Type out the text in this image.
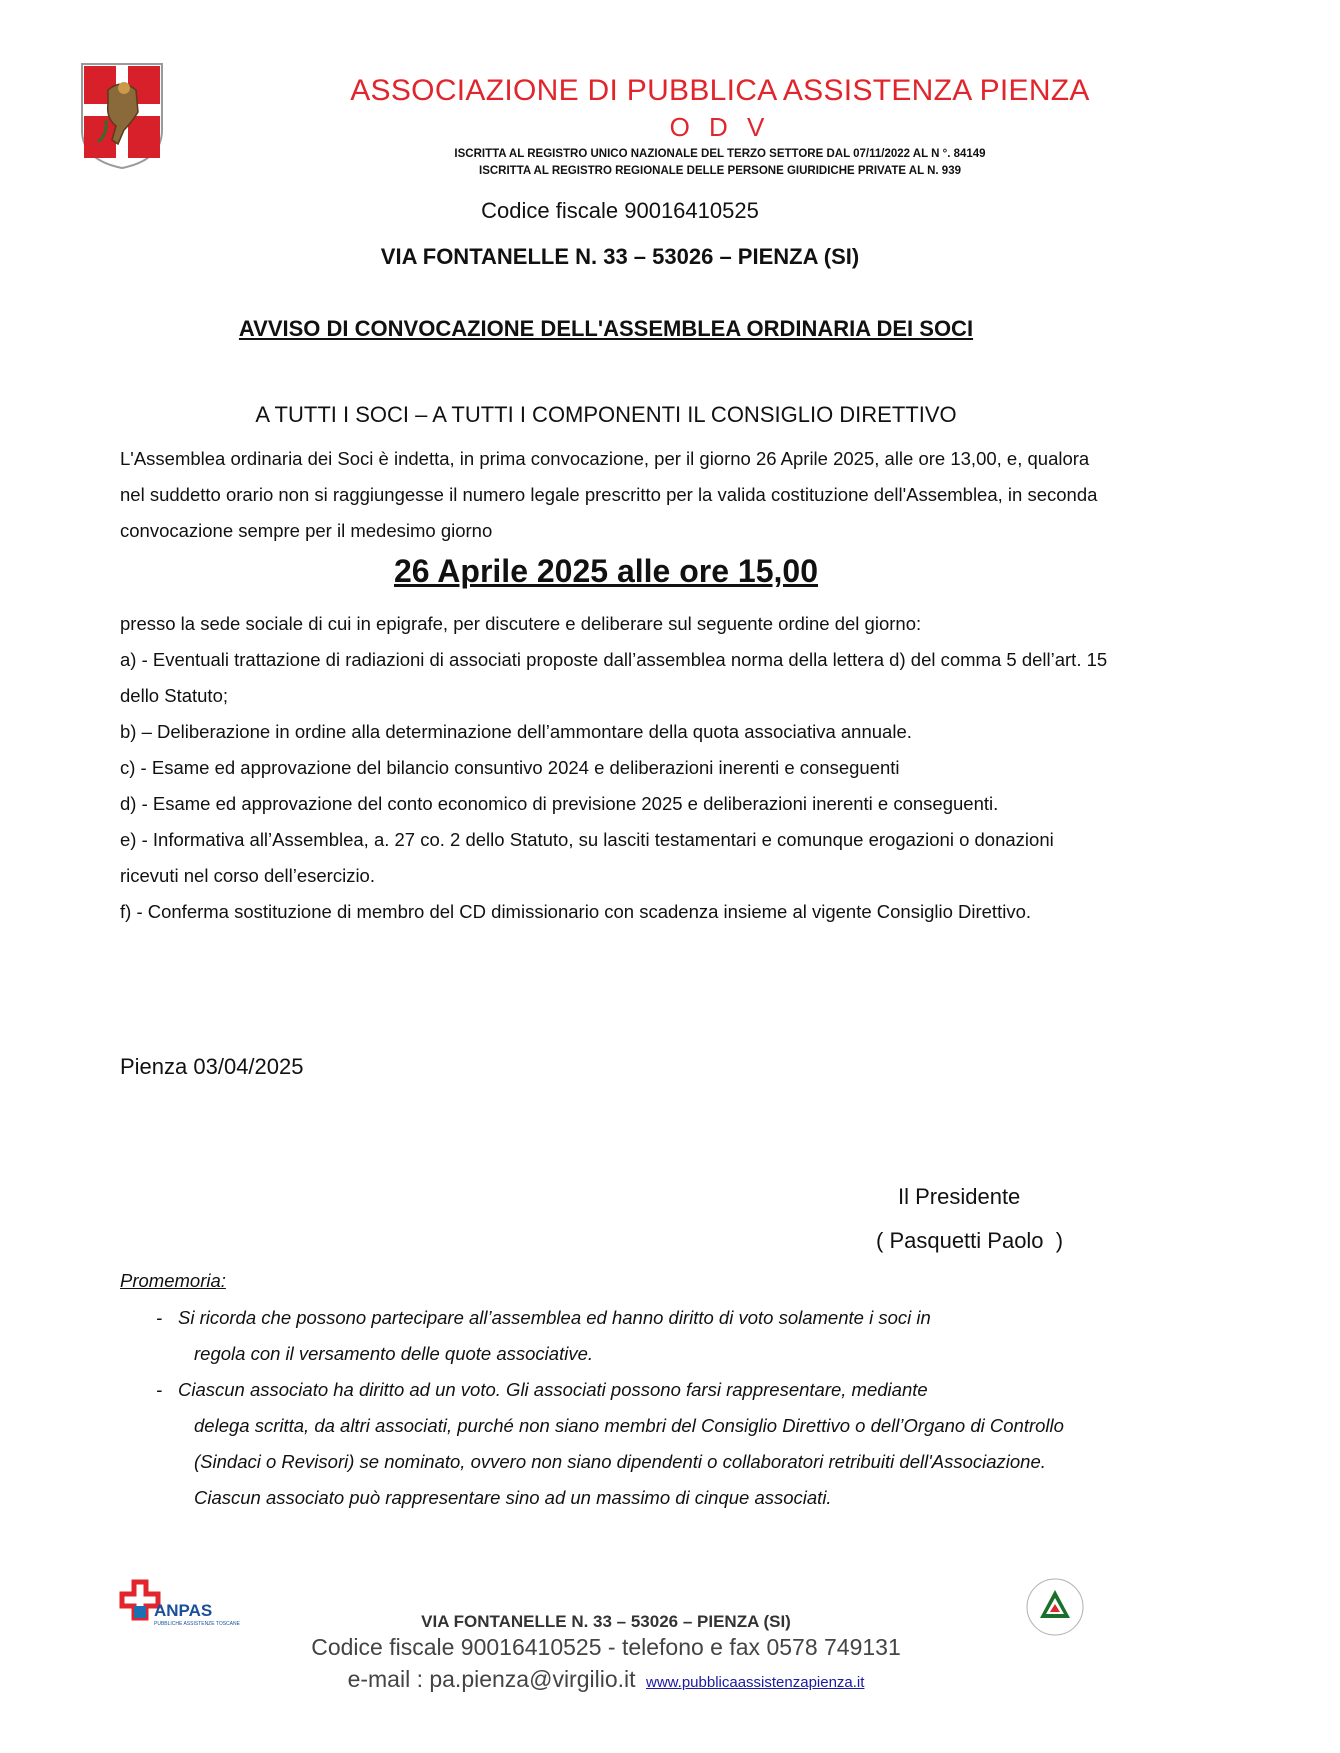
ASSOCIAZIONE DI PUBBLICA ASSISTENZA PIENZA
O D V
ISCRITTA AL REGISTRO UNICO NAZIONALE DEL TERZO SETTORE DAL 07/11/2022 AL N °. 84149
ISCRITTA AL REGISTRO REGIONALE DELLE PERSONE GIURIDICHE PRIVATE AL N. 939
Codice fiscale 90016410525
VIA FONTANELLE N. 33 – 53026 – PIENZA (SI)
AVVISO DI CONVOCAZIONE DELL'ASSEMBLEA ORDINARIA DEI SOCI
A TUTTI I SOCI – A TUTTI I COMPONENTI IL CONSIGLIO DIRETTIVO
L'Assemblea ordinaria dei Soci è indetta, in prima convocazione, per il giorno 26 Aprile 2025, alle ore 13,00, e, qualora nel suddetto orario non si raggiungesse il numero legale prescritto per la valida costituzione dell'Assemblea, in seconda convocazione sempre per il medesimo giorno
26 Aprile 2025 alle ore 15,00
presso la sede sociale di cui in epigrafe, per discutere e deliberare sul seguente ordine del giorno:

a) - Eventuali trattazione di radiazioni di associati proposte dall’assemblea norma della lettera d) del comma 5 dell’art. 15 dello Statuto;

b) – Deliberazione in ordine alla determinazione dell’ammontare della quota associativa annuale.

c) - Esame ed approvazione del bilancio consuntivo 2024 e deliberazioni inerenti e conseguenti

d) - Esame ed approvazione del conto economico di previsione 2025 e deliberazioni inerenti e conseguenti.

e) - Informativa all’Assemblea, a. 27 co. 2 dello Statuto, su lasciti testamentari e comunque erogazioni o donazioni ricevuti nel corso dell’esercizio.

f) - Conferma sostituzione di membro del CD dimissionario con scadenza insieme al vigente Consiglio Direttivo.

Pienza 03/04/2025
Il Presidente
( Pasquetti Paolo  )
Promemoria:
- Si ricorda che possono partecipare all’assemblea ed hanno diritto di voto solamente i soci in
regola con il versamento delle quote associative.
- Ciascun associato ha diritto ad un voto. Gli associati possono farsi rappresentare, mediante
delega scritta, da altri associati, purché non siano membri del Consiglio Direttivo o dell’Organo di Controllo (Sindaci o Revisori) se nominato, ovvero non siano dipendenti o collaboratori retribuiti dell'Associazione. Ciascun associato può rappresentare sino ad un massimo di cinque associati.
ANPAS
PUBBLICHE ASSISTENZE TOSCANE	VIA FONTANELLE N. 33 – 53026 – PIENZA (SI)
Codice fiscale 90016410525 - telefono e fax 0578 749131
e-mail : pa.pienza@virgilio.it www.pubblicaassistenzapienza.it
